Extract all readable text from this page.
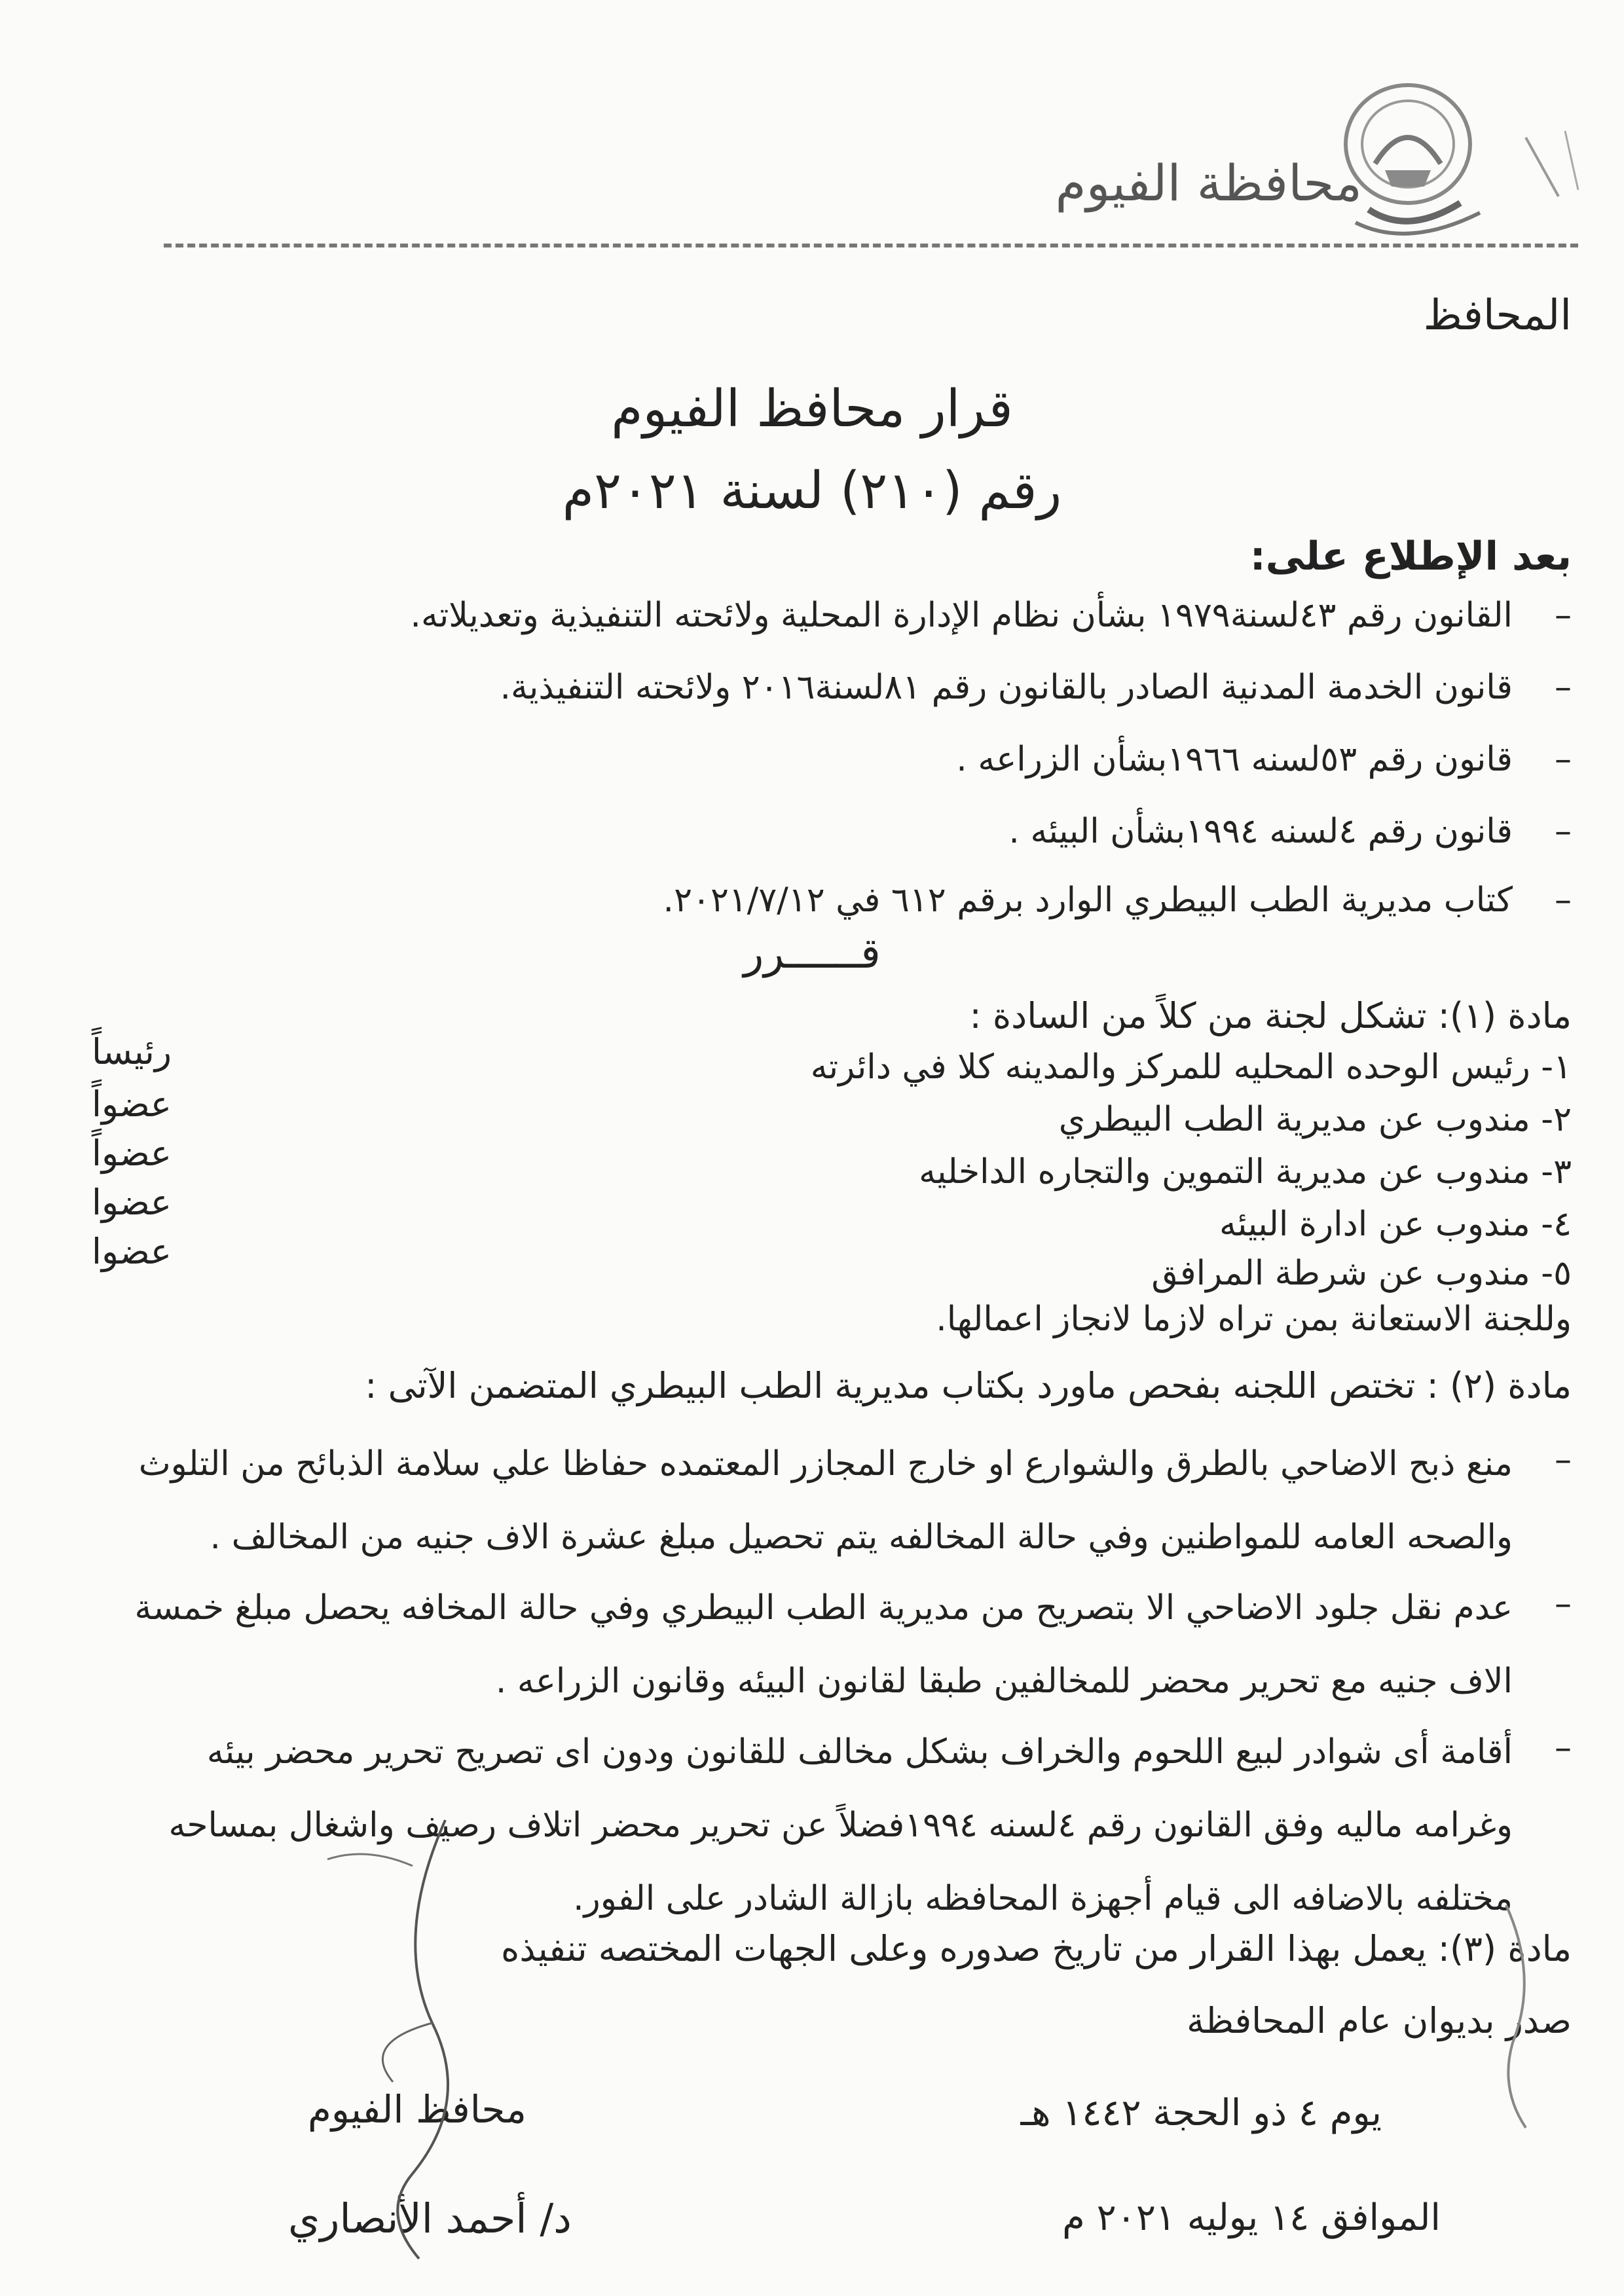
محافظة الفيوم
المحافظ
قرار محافظ الفيوم
رقم (٢١٠) لسنة ٢٠٢١م
بعد الإطلاع على:
–
القانون رقم ٤٣لسنة١٩٧٩ بشأن نظام الإدارة المحلية ولائحته التنفيذية وتعديلاته.
–
قانون الخدمة المدنية الصادر بالقانون رقم ٨١لسنة٢٠١٦ ولائحته التنفيذية.
–
قانون رقم ٥٣لسنه ١٩٦٦بشأن الزراعه .
–
قانون رقم ٤لسنه ١٩٩٤بشأن البيئه .
–
كتاب مديرية الطب البيطري الوارد برقم ٦١٢ في ٢٠٢١/٧/١٢.
قــــــرر
مادة (١): تشكل لجنة من كلاً من السادة :
١- رئيس الوحده المحليه للمركز والمدينه كلا في دائرته
رئيساً
٢- مندوب عن مديرية الطب البيطري
عضواً
٣- مندوب عن مديرية التموين والتجاره الداخليه
عضواً
٤- مندوب عن ادارة البيئه
عضوا
٥- مندوب عن شرطة المرافق
عضوا
وللجنة الاستعانة بمن تراه لازما لانجاز اعمالها.
مادة (٢) : تختص اللجنه بفحص ماورد بكتاب مديرية الطب البيطري المتضمن الآتى :
–
منع ذبح الاضاحي بالطرق والشوارع او خارج المجازر المعتمده حفاظا علي سلامة الذبائح من التلوث
والصحه العامه للمواطنين وفي حالة المخالفه يتم تحصيل مبلغ عشرة الاف جنيه من المخالف .
–
عدم نقل جلود الاضاحي الا بتصريح من مديرية الطب البيطري وفي حالة المخافه يحصل مبلغ خمسة
الاف جنيه مع تحرير محضر للمخالفين طبقا لقانون البيئه وقانون الزراعه .
–
أقامة أى شوادر لبيع اللحوم والخراف بشكل مخالف للقانون ودون اى تصريح تحرير محضر بيئه
وغرامه ماليه وفق القانون رقم ٤لسنه ١٩٩٤فضلاً عن تحرير محضر اتلاف رصيف واشغال بمساحه
مختلفه بالاضافه الى قيام أجهزة المحافظه بازالة الشادر على الفور.
مادة (٣): يعمل بهذا القرار من تاريخ صدوره وعلى الجهات المختصه تنفيذه
صدر بديوان عام المحافظة
يوم ٤ ذو الحجة ١٤٤٢ هـ
الموافق ١٤ يوليه ٢٠٢١ م
محافظ الفيوم
د/ أحمد الأنصاري
